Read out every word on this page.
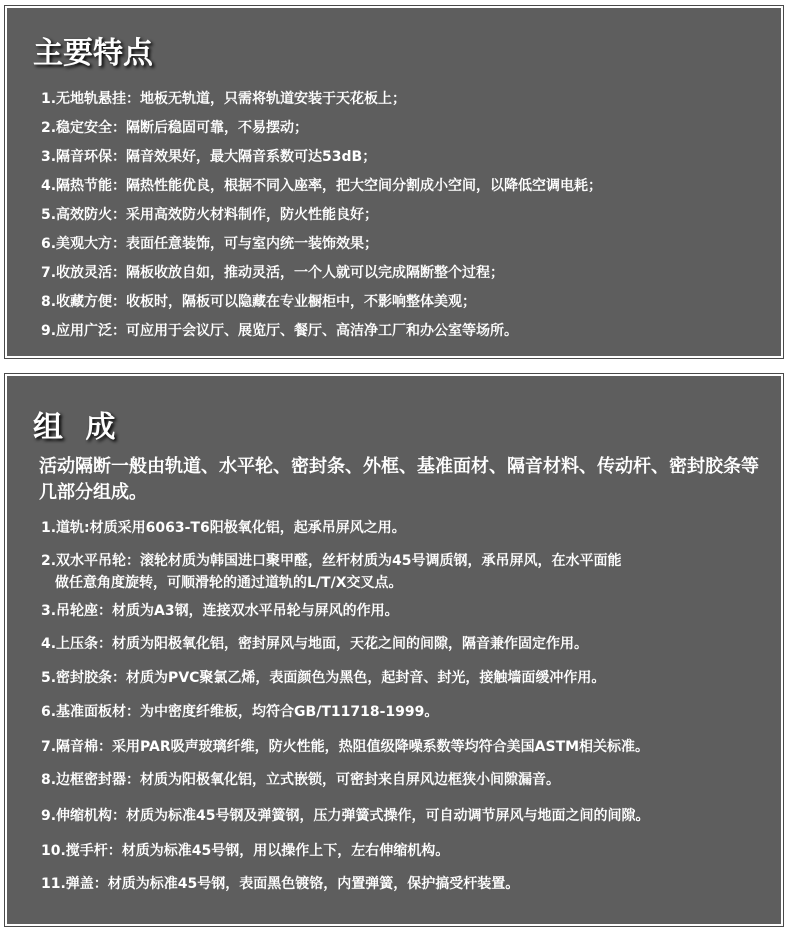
主要特点
1.无地轨悬挂：地板无轨道，只需将轨道安装于天花板上；
2.稳定安全：隔断后稳固可靠，不易摆动；
3.隔音环保：隔音效果好，最大隔音系数可达53dB；
4.隔热节能：隔热性能优良，根据不同入座率，把大空间分割成小空间，以降低空调电耗；
5.高效防火：采用高效防火材料制作，防火性能良好；
6.美观大方：表面任意装饰，可与室内统一装饰效果；
7.收放灵活：隔板收放自如，推动灵活，一个人就可以完成隔断整个过程；
8.收藏方便：收板时，隔板可以隐藏在专业橱柜中，不影响整体美观；
9.应用广泛：可应用于会议厅、展览厅、餐厅、高洁净工厂和办公室等场所。
组 成
活动隔断一般由轨道、水平轮、密封条、外框、基准面材、隔音材料、传动杆、密封胶条等几部分组成。
1.道轨:材质采用6063-T6阳极氧化铝，起承吊屏风之用。
2.双水平吊轮：滚轮材质为韩国进口聚甲醛，丝杆材质为45号调质钢，承吊屏风，在水平面能
做任意角度旋转，可顺滑轮的通过道轨的L/T/X交叉点。
3.吊轮座：材质为A3钢，连接双水平吊轮与屏风的作用。
4.上压条：材质为阳极氧化铝，密封屏风与地面，天花之间的间隙，隔音兼作固定作用。
5.密封胶条：材质为PVC聚氯乙烯，表面颜色为黑色，起封音、封光，接触墙面缓冲作用。
6.基准面板材：为中密度纤维板，均符合GB/T11718-1999。
7.隔音棉：采用PAR吸声玻璃纤维，防火性能，热阻值级降噪系数等均符合美国ASTM相关标准。
8.边框密封器：材质为阳极氧化铝，立式嵌锁，可密封来自屏风边框狭小间隙漏音。
9.伸缩机构：材质为标准45号钢及弹簧钢，压力弹簧式操作，可自动调节屏风与地面之间的间隙。
10.搅手杆：材质为标准45号钢，用以操作上下，左右伸缩机构。
11.弹盖：材质为标准45号钢，表面黑色镀铬，内置弹簧，保护搞受杆装置。
